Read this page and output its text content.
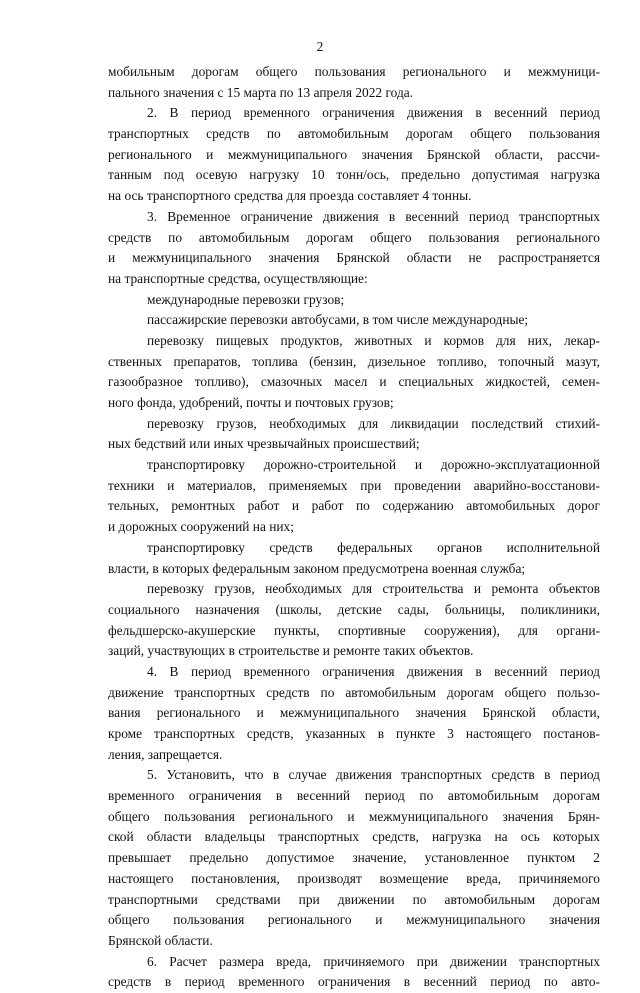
2
мобильным дорогам общего пользования регионального и межмуници-
пального значения с 15 марта по 13 апреля 2022 года.
2. В период временного ограничения движения в весенний период
транспортных средств по автомобильным дорогам общего пользования
регионального и межмуниципального значения Брянской области, рассчи-
танным под осевую нагрузку 10 тонн/ось, предельно допустимая нагрузка
на ось транспортного средства для проезда составляет 4 тонны.
3. Временное ограничение движения в весенний период транспортных
средств по автомобильным дорогам общего пользования регионального
и межмуниципального значения Брянской области не распространяется
на транспортные средства, осуществляющие:
международные перевозки грузов;
пассажирские перевозки автобусами, в том числе международные;
перевозку пищевых продуктов, животных и кормов для них, лекар-
ственных препаратов, топлива (бензин, дизельное топливо, топочный мазут,
газообразное топливо), смазочных масел и специальных жидкостей, семен-
ного фонда, удобрений, почты и почтовых грузов;
перевозку грузов, необходимых для ликвидации последствий стихий-
ных бедствий или иных чрезвычайных происшествий;
транспортировку дорожно-строительной и дорожно-эксплуатационной
техники и материалов, применяемых при проведении аварийно-восстанови-
тельных, ремонтных работ и работ по содержанию автомобильных дорог
и дорожных сооружений на них;
транспортировку средств федеральных органов исполнительной
власти, в которых федеральным законом предусмотрена военная служба;
перевозку грузов, необходимых для строительства и ремонта объектов
социального назначения (школы, детские сады, больницы, поликлиники,
фельдшерско-акушерские пункты, спортивные сооружения), для органи-
заций, участвующих в строительстве и ремонте таких объектов.
4. В период временного ограничения движения в весенний период
движение транспортных средств по автомобильным дорогам общего пользо-
вания регионального и межмуниципального значения Брянской области,
кроме транспортных средств, указанных в пункте 3 настоящего постанов-
ления, запрещается.
5. Установить, что в случае движения транспортных средств в период
временного ограничения в весенний период по автомобильным дорогам
общего пользования регионального и межмуниципального значения Брян-
ской области владельцы транспортных средств, нагрузка на ось которых
превышает предельно допустимое значение, установленное пунктом 2
настоящего постановления, производят возмещение вреда, причиняемого
транспортными средствами при движении по автомобильным дорогам
общего пользования регионального и межмуниципального значения
Брянской области.
6. Расчет размера вреда, причиняемого при движении транспортных
средств в период временного ограничения в весенний период по авто-
